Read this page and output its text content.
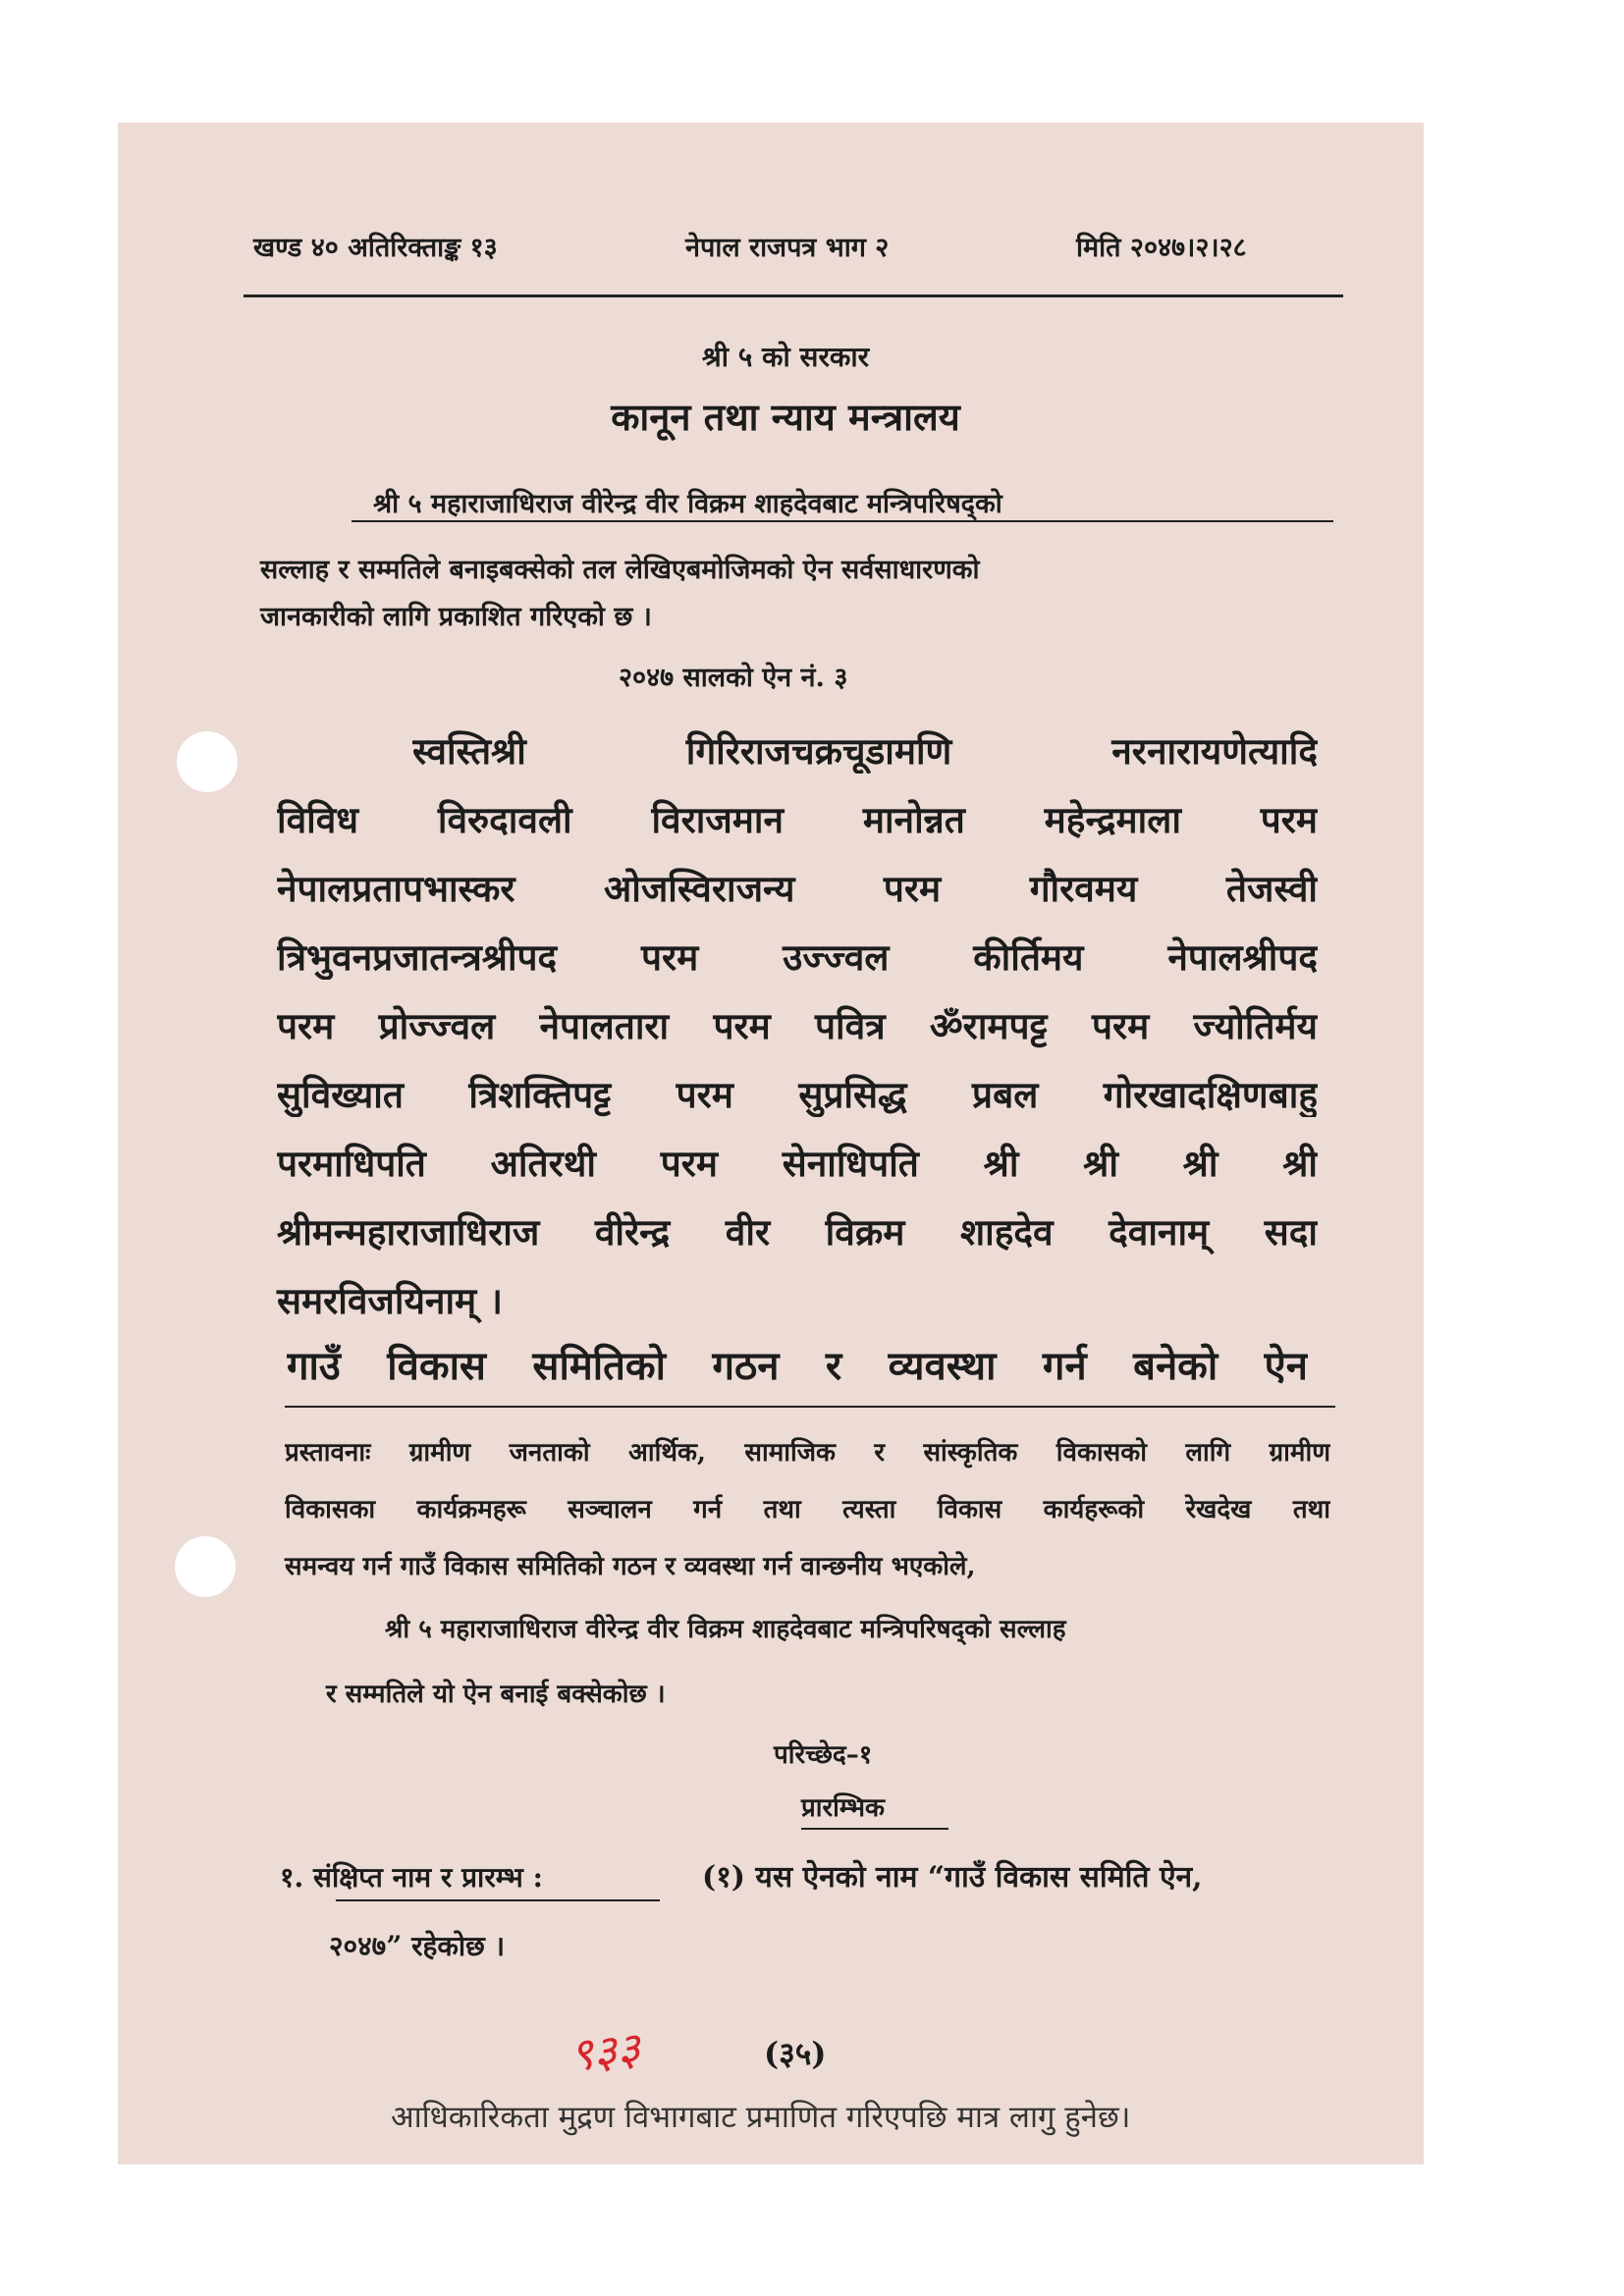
खण्ड ४० अतिरिक्ताङ्क १३	नेपाल राजपत्र भाग २	मिति २०४७।२।२८
श्री ५ को सरकार
कानून तथा न्याय मन्त्रालय
श्री ५ महाराजाधिराज वीरेन्द्र वीर विक्रम शाहदेवबाट मन्त्रिपरिषद्को
सल्लाह र सम्मतिले बनाइबक्सेको तल लेखिएबमोजिमको ऐन सर्वसाधारणको
जानकारीको लागि प्रकाशित गरिएको छ ।
२०४७ सालको ऐन नं. ३
स्वस्तिश्री गिरिराजचक्रचूडामणि नरनारायणेत्यादि
विविध विरुदावली विराजमान मानोन्नत महेन्द्रमाला परम
नेपालप्रतापभास्कर ओजस्विराजन्य परम गौरवमय तेजस्वी
त्रिभुवनप्रजातन्त्रश्रीपद परम उज्ज्वल कीर्तिमय नेपालश्रीपद
परम प्रोज्ज्वल नेपालतारा परम पवित्र ॐरामपट्ट परम ज्योतिर्मय
सुविख्यात त्रिशक्तिपट्ट परम सुप्रसिद्ध प्रबल गोरखादक्षिणबाहु
परमाधिपति अतिरथी परम सेनाधिपति श्री श्री श्री श्री
श्रीमन्महाराजाधिराज वीरेन्द्र वीर विक्रम शाहदेव देवानाम् सदा
समरविजयिनाम् ।
गाउँ विकास समितिको गठन र व्यवस्था गर्न बनेको ऐन
प्रस्तावनाः ग्रामीण जनताको आर्थिक, सामाजिक र सांस्कृतिक विकासको लागि ग्रामीण
विकासका कार्यक्रमहरू सञ्चालन गर्न तथा त्यस्ता विकास कार्यहरूको रेखदेख तथा
समन्वय गर्न गाउँ विकास समितिको गठन र व्यवस्था गर्न वान्छनीय भएकोले,
श्री ५ महाराजाधिराज वीरेन्द्र वीर विक्रम शाहदेवबाट मन्त्रिपरिषद्को सल्लाह
र सम्मतिले यो ऐन बनाई बक्सेकोछ ।
परिच्छेद–१
प्रारम्भिक
१. संक्षिप्त नाम र प्रारम्भ :	(१) यस ऐनको नाम “गाउँ विकास समिति ऐन,
२०४७” रहेकोछ ।
९३३	(३५)
आधिकारिकता मुद्रण विभागबाट प्रमाणित गरिएपछि मात्र लागु हुनेछ।
